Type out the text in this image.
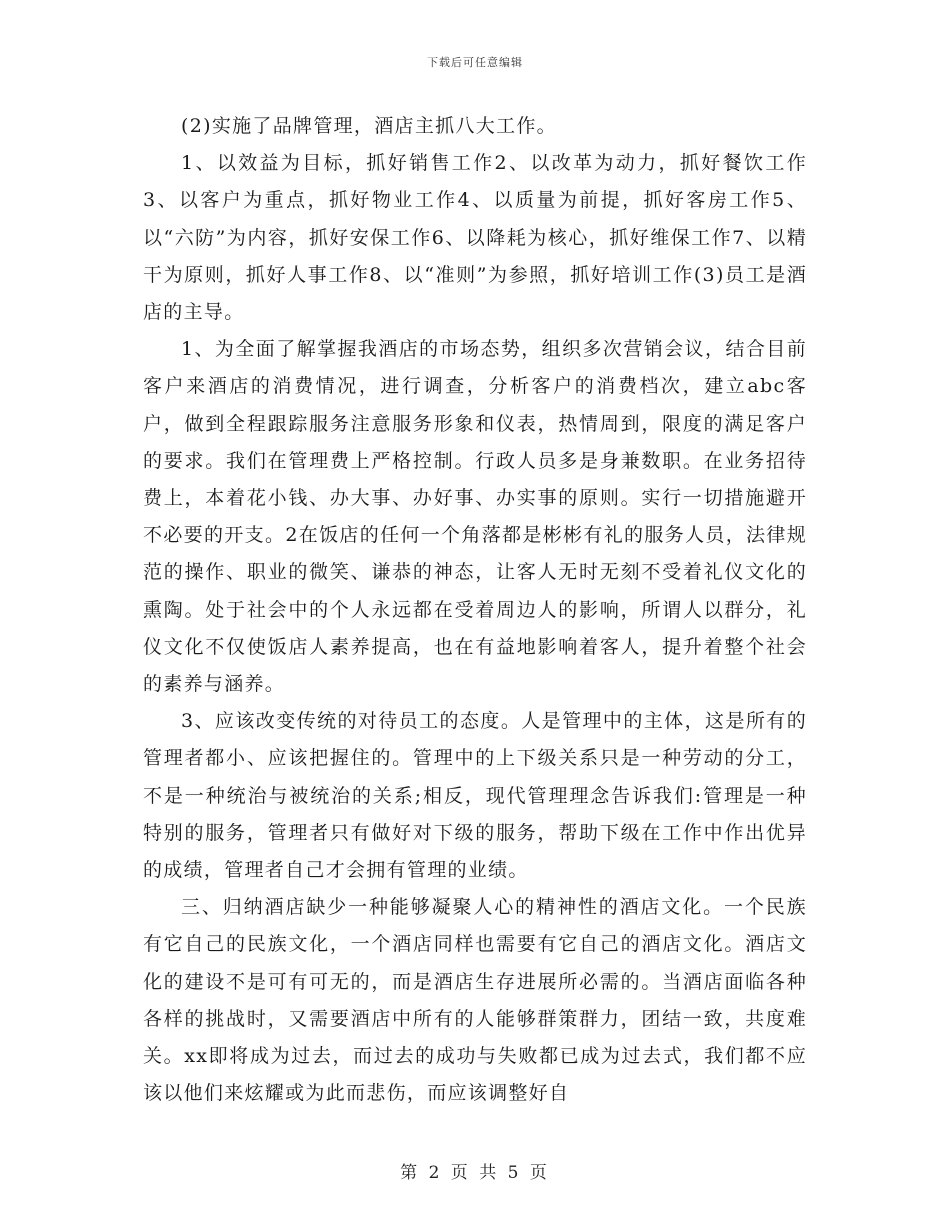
下载后可任意编辑

(2)实施了品牌管理，酒店主抓八大工作。

1、以效益为目标，抓好销售工作2、以改革为动力，抓好餐饮工作 3、以客户为重点，抓好物业工作4、以质量为前提，抓好客房工作5、以“六防”为内容，抓好安保工作6、以降耗为核心，抓好维保工作7、以精干为原则，抓好人事工作8、以“准则”为参照，抓好培训工作(3)员工是酒店的主导。

1、为全面了解掌握我酒店的市场态势，组织多次营销会议，结合目前客户来酒店的消费情况，进行调查，分析客户的消费档次，建立abc客户，做到全程跟踪服务注意服务形象和仪表，热情周到，限度的满足客户的要求。我们在管理费上严格控制。行政人员多是身兼数职。在业务招待费上，本着花小钱、办大事、办好事、办实事的原则。实行一切措施避开不必要的开支。2在饭店的任何一个角落都是彬彬有礼的服务人员，法律规范的操作、职业的微笑、谦恭的神态，让客人无时无刻不受着礼仪文化的熏陶。处于社会中的个人永远都在受着周边人的影响，所谓人以群分，礼仪文化不仅使饭店人素养提高，也在有益地影响着客人，提升着整个社会的素养与涵养。

3、应该改变传统的对待员工的态度。人是管理中的主体，这是所有的管理者都小、应该把握住的。管理中的上下级关系只是一种劳动的分工，不是一种统治与被统治的关系;相反，现代管理理念告诉我们:管理是一种特别的服务，管理者只有做好对下级的服务，帮助下级在工作中作出优异的成绩，管理者自己才会拥有管理的业绩。

三、归纳酒店缺少一种能够凝聚人心的精神性的酒店文化。一个民族有它自己的民族文化，一个酒店同样也需要有它自己的酒店文化。酒店文化的建设不是可有可无的，而是酒店生存进展所必需的。当酒店面临各种各样的挑战时，又需要酒店中所有的人能够群策群力，团结一致，共度难关。xx即将成为过去，而过去的成功与失败都已成为过去式，我们都不应该以他们来炫耀或为此而悲伤，而应该调整好自

第 2 页 共 5 页
